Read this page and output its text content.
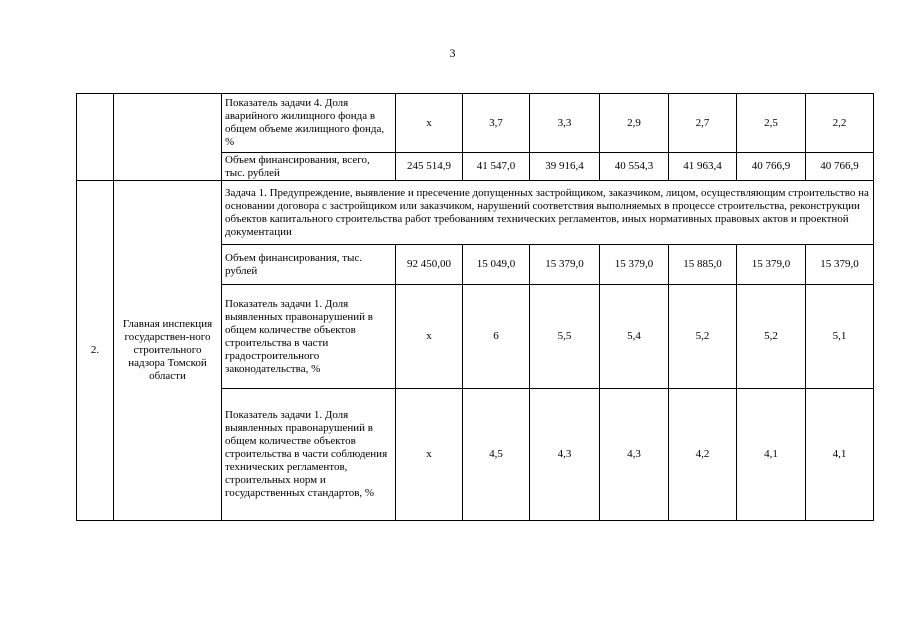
3
		Показатель задачи 4. Доля аварийного жилищного фонда в общем объеме жилищного фонда, %	х	3,7	3,3	2,9	2,7	2,5	2,2
		Объем финансирования, всего, тыс. рублей	245 514,9	41 547,0	39 916,4	40 554,3	41 963,4	40 766,9	40 766,9
2.	Главная инспекция государствен-ного строительного надзора Томской области	Задача 1. Предупреждение, выявление и пресечение допущенных застройщиком, заказчиком, лицом, осуществляющим строительство на основании договора с застройщиком или заказчиком, нарушений соответствия выполняемых в процессе строительства, реконструкции объектов капитального строительства работ требованиям технических регламентов, иных нормативных правовых актов и проектной документации							
		Объем финансирования, тыс. рублей	92 450,00	15 049,0	15 379,0	15 379,0	15 885,0	15 379,0	15 379,0
		Показатель задачи 1. Доля выявленных правонарушений в общем количестве объектов строительства в части градостроительного законодательства, %	х	6	5,5	5,4	5,2	5,2	5,1
		Показатель задачи 1. Доля выявленных правонарушений в общем количестве объектов строительства в части соблюдения технических регламентов, строительных норм и государственных стандартов, %	х	4,5	4,3	4,3	4,2	4,1	4,1
